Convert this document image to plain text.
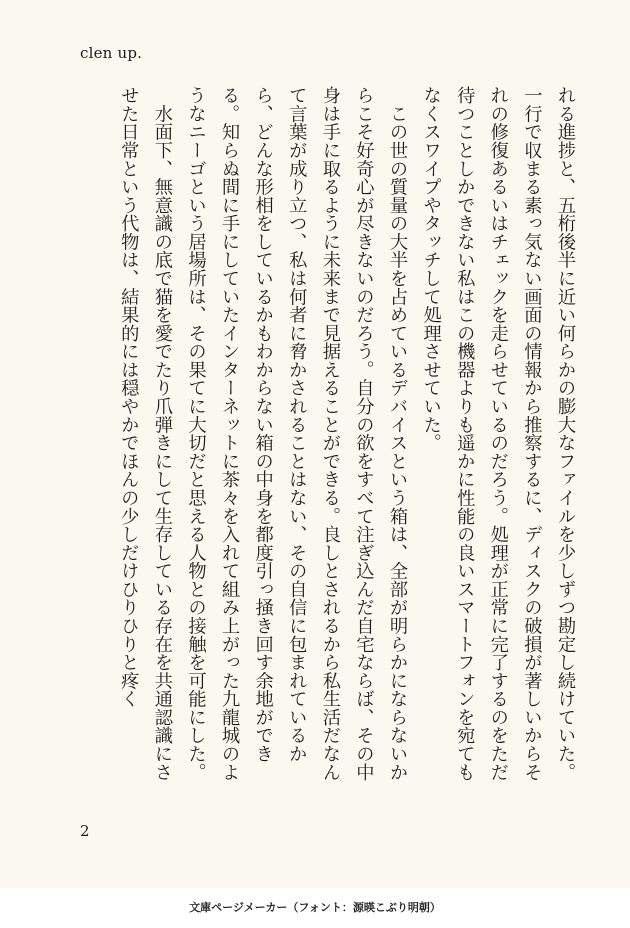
clen up.

れる進捗と、五桁後半に近い何らかの膨大なファイルを少しずつ勘定し続けていた。一行で収まる素っ気ない画面の情報から推察するに、ディスクの破損が著しいからそれの修復あるいはチェックを走らせているのだろう。処理が正常に完了するのをただ待つことしかできない私はこの機器よりも遥かに性能の良いスマートフォンを宛てもなくスワイプやタッチして処理させていた。

　この世の質量の大半を占めているデバイスという箱は、全部が明らかにならないからこそ好奇心が尽きないのだろう。自分の欲をすべて注ぎ込んだ自宅ならば、その中身は手に取るように未来まで見据えることができる。良しとされるから私生活だなんて言葉が成り立つ、私は何者に脅かされることはない、その自信に包まれているから、どんな形相をしているかもわからない箱の中身を都度引っ掻き回す余地ができる。知らぬ間に手にしていたインターネットに茶々を入れて組み上がった九龍城のようなニーゴという居場所は、その果てに大切だと思える人物との接触を可能にした。

　水面下、無意識の底で猫を愛でたり爪弾きにして生存している存在を共通認識にさせた日常という代物は、結果的には穏やかでほんの少しだけひりひりと疼く

2
文庫ページメーカー（フォント：源暎こぶり明朝）
